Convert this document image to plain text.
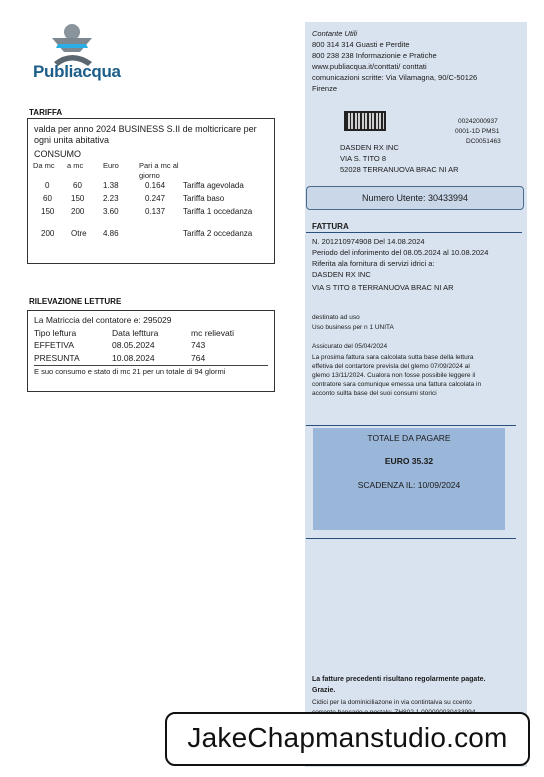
Publiacqua
TARIFFA
valda per anno 2024 BUSINESS S.II de molticricare per ogni unita abitativa
CONSUMO
Da mc	a mc	Euro	Pari a mc al giorno	
0	60	1.38	0.164	Tariffa agevolada
60	150	2.23	0.247	Tariffa baso
150	200	3.60	0.137	Tariffa 1 occedanza
200	Otre	4.86		Tariffa 2 occedanza
RILEVAZIONE LETTURE
La Matriccia del contatore e: 295029
Tipo leftura	Data lefttura	mc relievati
EFFETIVA	08.05.2024	743
PRESUNTA	10.08.2024	764
E suo consumo e stato di mc 21 per un totale di 94 glormi
Contante Utili
800 314 314 Guasti e Perdite
800 238 238 Informazionie e Pratiche
www.publiacqua.it/conttati/ conttati
comunicazioni scritte: Via Vilamagna, 90/C-50126
Firenze
00242000937
0001-1D PMS1
DC0051463
DASDEN RX INC
VIA S. TITO 8
52028 TERRANUOVA BRAC NI AR
Numero Utente: 30433994
FATTURA
N. 201210974908 Del 14.08.2024
Periodo del inforimento del 08.05.2024 al 10.08.2024
Riferita ala fornitura di servizi idrici a:
DASDEN RX INC
VIA S TITO 8 TERRANUOVA BRAC NI AR
destinato ad uso
Uso business per n 1 UNITA
Assicurato del 05/04/2024
La prosima fattura sara calcolata sutta base della lettura
effetiva del contartore previsla del glemo 07/09/2024 al
glemo 13/11/2024. Cualora non fosse possibile leggere il
contratore sara comunique emessa una fattura calcolata in
acconto sullta base del suoi consumi storici
TOTALE DA PAGARE
EURO 35.32
SCADENZA IL: 10/09/2024
La fatture precedenti risultano regolarmente pagate.
Grazie.
Cidici per la dominiciliazone in via contintaiva su ccento
JakeChapmanstudio.com
